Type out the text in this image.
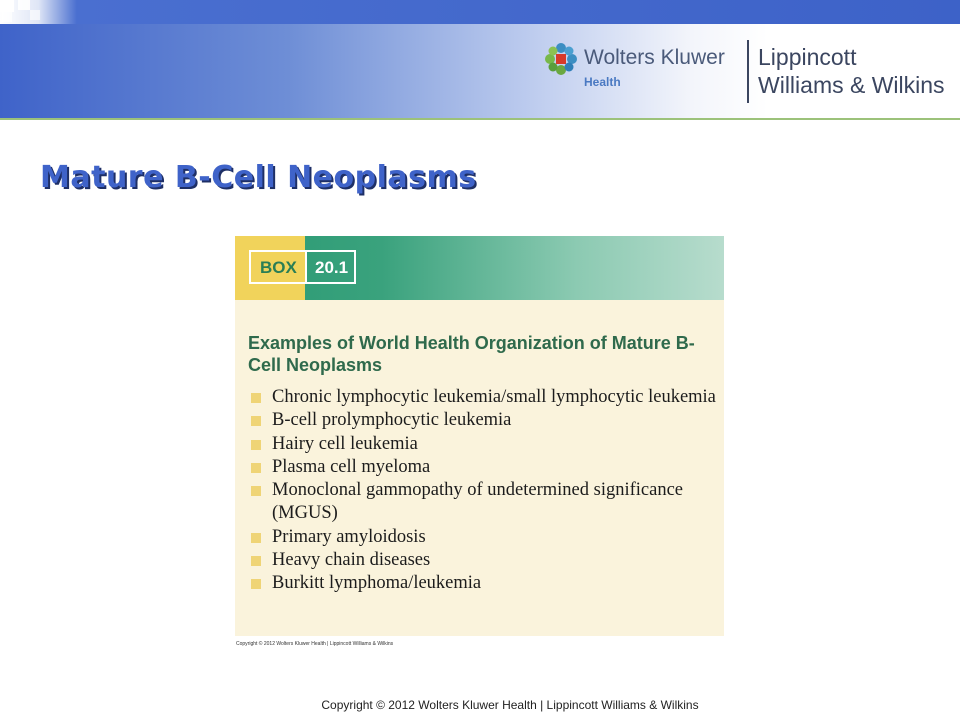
Wolters Kluwer
Health
Lippincott
Williams & Wilkins
Mature B-Cell Neoplasms
BOX 20.1
Examples of World Health Organization of Mature B-Cell Neoplasms
Chronic lymphocytic leukemia/small lymphocytic leukemia
B-cell prolymphocytic leukemia
Hairy cell leukemia
Plasma cell myeloma
Monoclonal gammopathy of undetermined significance (MGUS)
Primary amyloidosis
Heavy chain diseases
Burkitt lymphoma/leukemia
Copyright © 2012 Wolters Kluwer Health | Lippincott Williams & Wilkins
Copyright © 2012 Wolters Kluwer Health | Lippincott Williams & Wilkins
